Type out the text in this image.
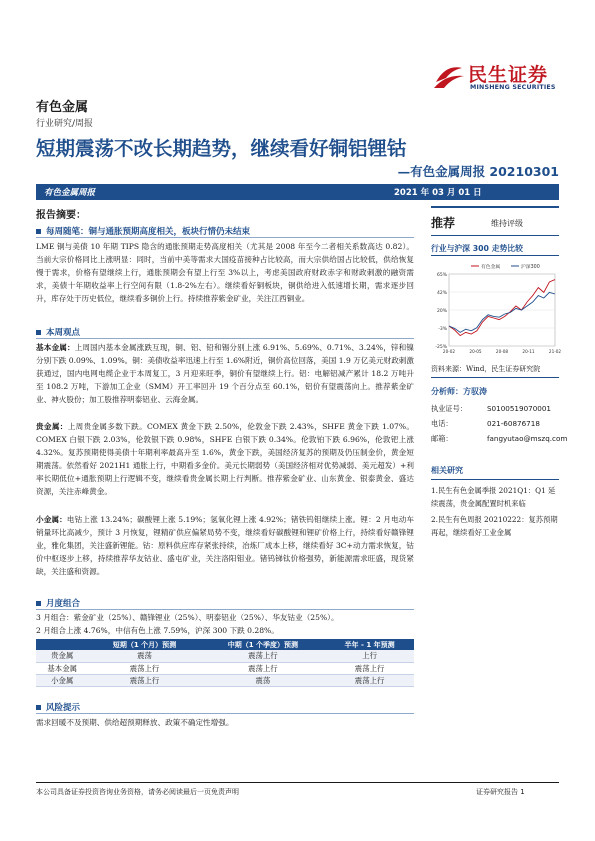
民生证券
MINSHENG SECURITIES
有色金属
行业研究/周报
短期震荡不改长期趋势，继续看好铜铝锂钴
—有色金属周报 20210301
有色金属周报	2021 年 03 月 01 日
报告摘要：
每周随笔：铜与通胀预期高度相关，板块行情仍未结束
LME 铜与美债 10 年期 TIPS 隐含的通胀预期走势高度相关（尤其是 2008 年至今二者相关系数高达 0.82）。当前大宗价格同比上涨明显：同时，当前中美等需求大国疫苗接种占比较高，而大宗供给国占比较低，供给恢复慢于需求，价格有望继续上行，通胀预期会有望上行至 3%以上，考虑美国政府财政赤字和财政刺激的融资需求，美债十年期收益率上行空间有限（1.8-2%左右）。继续看好铜板块，铜供给进入低速增长期，需求逐步回升，库存处于历史低位，继续看多铜价上行。持续推荐紫金矿业，关注江西铜业。
本周观点
基本金属：上周国内基本金属涨跌互现，铜、铝、铅和锡分别上涨 6.91%、5.69%、0.71%、3.24%，锌和镍分别下跌 0.09%、1.09%。铜：美债收益率迅速上行至 1.6%附近，铜价高位回落，美国 1.9 万亿美元财政刺激获通过，国内电网电缆企业于本周复工，3 月迎来旺季，铜价有望继续上行。铝：电解铝减产累计 18.2 万吨升至 108.2 万吨，下游加工企业（SMM）开工率回升 19 个百分点至 60.1%，铝价有望震荡向上。推荐紫金矿业、神火股份；加工股推荐明泰铝业、云海金属。
贵金属：上周贵金属多数下跌。COMEX 黄金下跌 2.50%，伦敦金下跌 2.43%，SHFE 黄金下跌 1.07%。COMEX 白银下跌 2.03%，伦敦银下跌 0.98%，SHFE 白银下跌 0.34%。伦敦铂下跌 6.96%，伦敦钯上涨 4.32%。复苏预期使得美债十年期利率最高升至 1.6%，黄金下跌，美国经济复苏的预期及仍压制金价，黄金短期震荡。依然看好 2021H1 通胀上行，中期看多金价。美元长期弱势（美国经济相对优势减弱、美元超发）+利率长期低位+通胀预期上行逻辑不变，继续看贵金属长期上行判断。推荐紫金矿业、山东黄金、银泰黄金、盛达资源，关注赤峰黄金。
小金属：电钴上涨 13.24%；碳酸锂上涨 5.19%；氢氧化锂上涨 4.92%；锗铁钨钼继续上涨。锂：2 月电动车销量环比高减少，预计 3 月恢复，锂精矿供应偏紧局势不变，继续看好碳酸锂和锂矿价格上行，持续看好赣锋锂业，雅化集团，关注盛新锂能。钴：原料供应库存紧张持续，冶炼厂成本上移，继续看好 3C+动力需求恢复，钴价中枢逐步上移，持续推荐华友钴业、盛屯矿业，关注洛阳钼业。锗钨锑钛价格强势，新能源需求旺盛，现货紧缺，关注盛和资源。
月度组合
3 月组合：紫金矿业（25%）、赣锋锂业（25%）、明泰铝业（25%）、华友钴业（25%）。
2 月组合上涨 4.76%，中信有色上涨 7.59%，沪深 300 下跌 0.28%。
	短期（1 个月）预测	中期（1 个季度）预测	半年 - 1 年预测
贵金属	震荡	震荡上行	上行
基本金属	震荡上行	震荡上行	震荡上行
小金属	震荡上行	震荡	震荡上行
风险提示
需求回暖不及预期、供给超预期释放、政策不确定性增强。
推荐	维持评级
行业与沪深 300 走势比较
65%
42%
20%
-3%
-25%
20-02	20-05	20-08	20-11	21-02
有色金属	沪深300
资料来源：Wind，民生证券研究院
分析师：方驭涛
执业证号：	S0100519070001
电话：	021-60876718
邮箱：	fangyutao@mszq.com
相关研究
1.民生有色金属季报 2021Q1：Q1 延续震荡，贵金属配置时机来临
2.民生有色周报 20210222：复苏预期再起，继续看好工业金属
本公司具备证券投资咨询业务资格，请务必阅读最后一页免责声明	证券研究报告 1
